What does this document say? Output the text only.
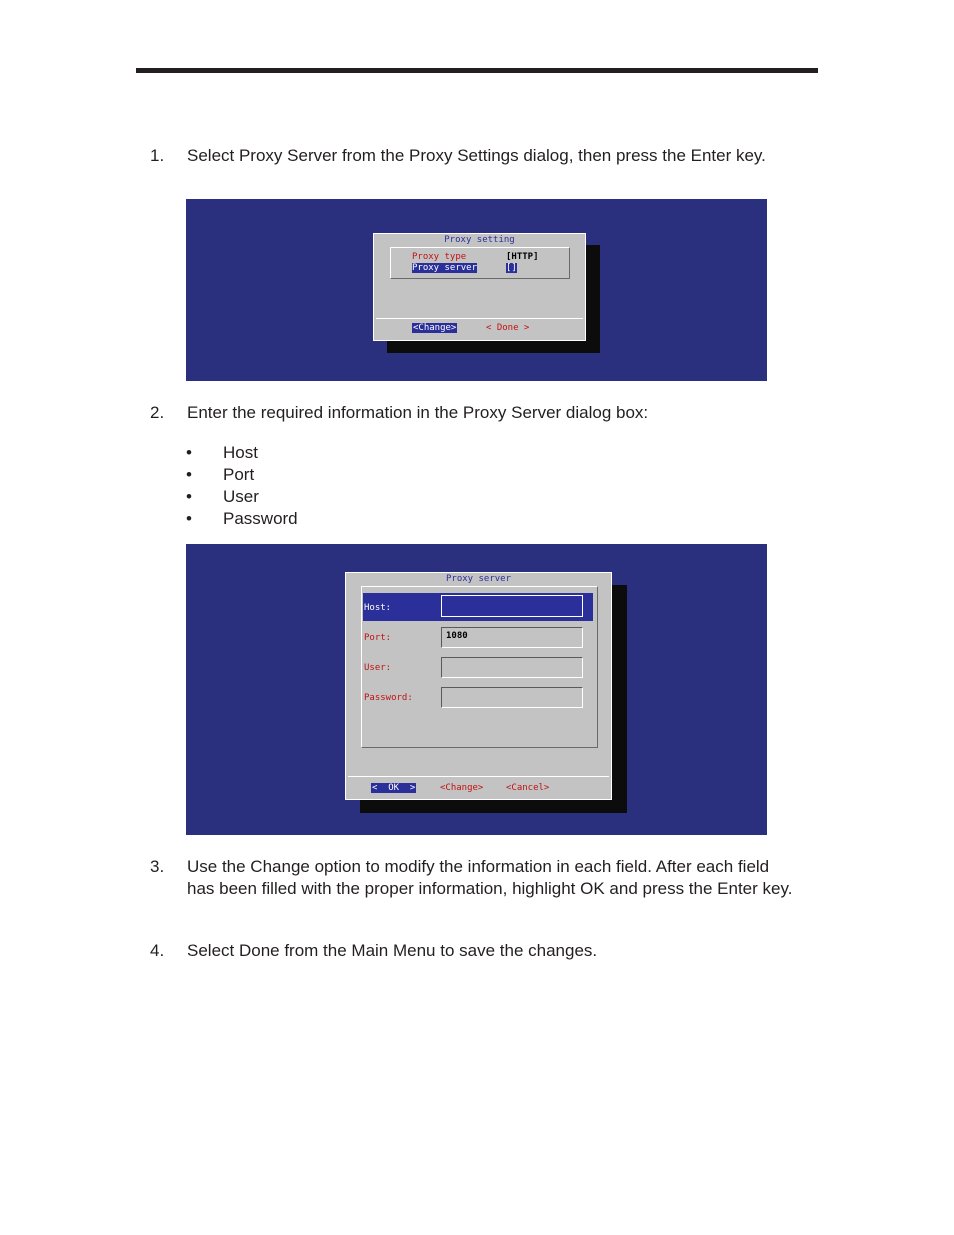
1. Select Proxy Server from the Proxy Settings dialog, then press the Enter key.

Proxy setting

Proxy type

	[HTTP]

Proxy server

	[]

<Change>

	< Done >

2. Enter the required information in the Proxy Server dialog box:
• Host
• Port
• User
• Password

Proxy server

Host:

Port:

	1080

User:

Password:

<  OK  >

	<Change>

	<Cancel>

3. Use the Change option to modify the information in each field. After each field has been filled with the proper information, highlight OK and press the Enter key.
4. Select Done from the Main Menu to save the changes.
